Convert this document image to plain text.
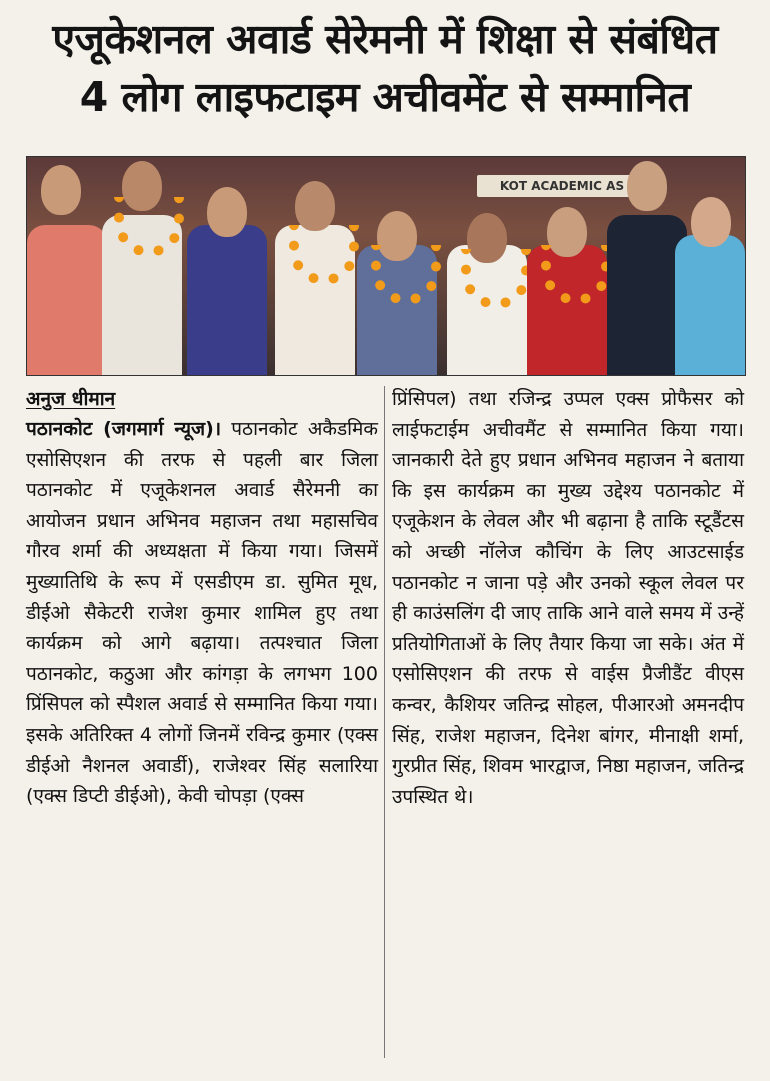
एजूकेशनल अवार्ड सेरेमनी में शिक्षा से संबंधित
4 लोग लाइफटाइम अचीवमेंट से सम्मानित
KOT ACADEMIC AS
अनुज धीमान

पठानकोट (जगमार्ग न्यूज)। पठानकोट अकैडमिक एसोसिएशन की तरफ से पहली बार जिला पठानकोट में एजूकेशनल अवार्ड सैरेमनी का आयोजन प्रधान अभिनव महाजन तथा महासचिव गौरव शर्मा की अध्यक्षता में किया गया। जिसमें मुख्यातिथि के रूप में एसडीएम डा. सुमित मूध, डीईओ सैकेटरी राजेश कुमार शामिल हुए तथा कार्यक्रम को आगे बढ़ाया। तत्पश्चात जिला पठानकोट, कठुआ और कांगड़ा के लगभग 100 प्रिंसिपल को स्पैशल अवार्ड से सम्मानित किया गया। इसके अतिरिक्त 4 लोगों जिनमें रविन्द्र कुमार (एक्स डीईओ नैशनल अवार्डी), राजेश्वर सिंह सलारिया (एक्स डिप्टी डीईओ), केवी चोपड़ा (एक्स

प्रिंसिपल) तथा रजिन्द्र उप्पल एक्स प्रोफैसर को लाईफटाईम अचीवमैंट से सम्मानित किया गया। जानकारी देते हुए प्रधान अभिनव महाजन ने बताया कि इस कार्यक्रम का मुख्य उद्देश्य पठानकोट में एजूकेशन के लेवल और भी बढ़ाना है ताकि स्टूडैंटस को अच्छी नॉलेज कौचिंग के लिए आउटसाईड पठानकोट न जाना पड़े और उनको स्कूल लेवल पर ही काउंसलिंग दी जाए ताकि आने वाले समय में उन्हें प्रतियोगिताओं के लिए तैयार किया जा सके। अंत में एसोसिएशन की तरफ से वाईस प्रैजीडैंट वीएस कन्वर, कैशियर जतिन्द्र सोहल, पीआरओ अमनदीप सिंह, राजेश महाजन, दिनेश बांगर, मीनाक्षी शर्मा, गुरप्रीत सिंह, शिवम भारद्वाज, निष्ठा महाजन, जतिन्द्र उपस्थित थे।
